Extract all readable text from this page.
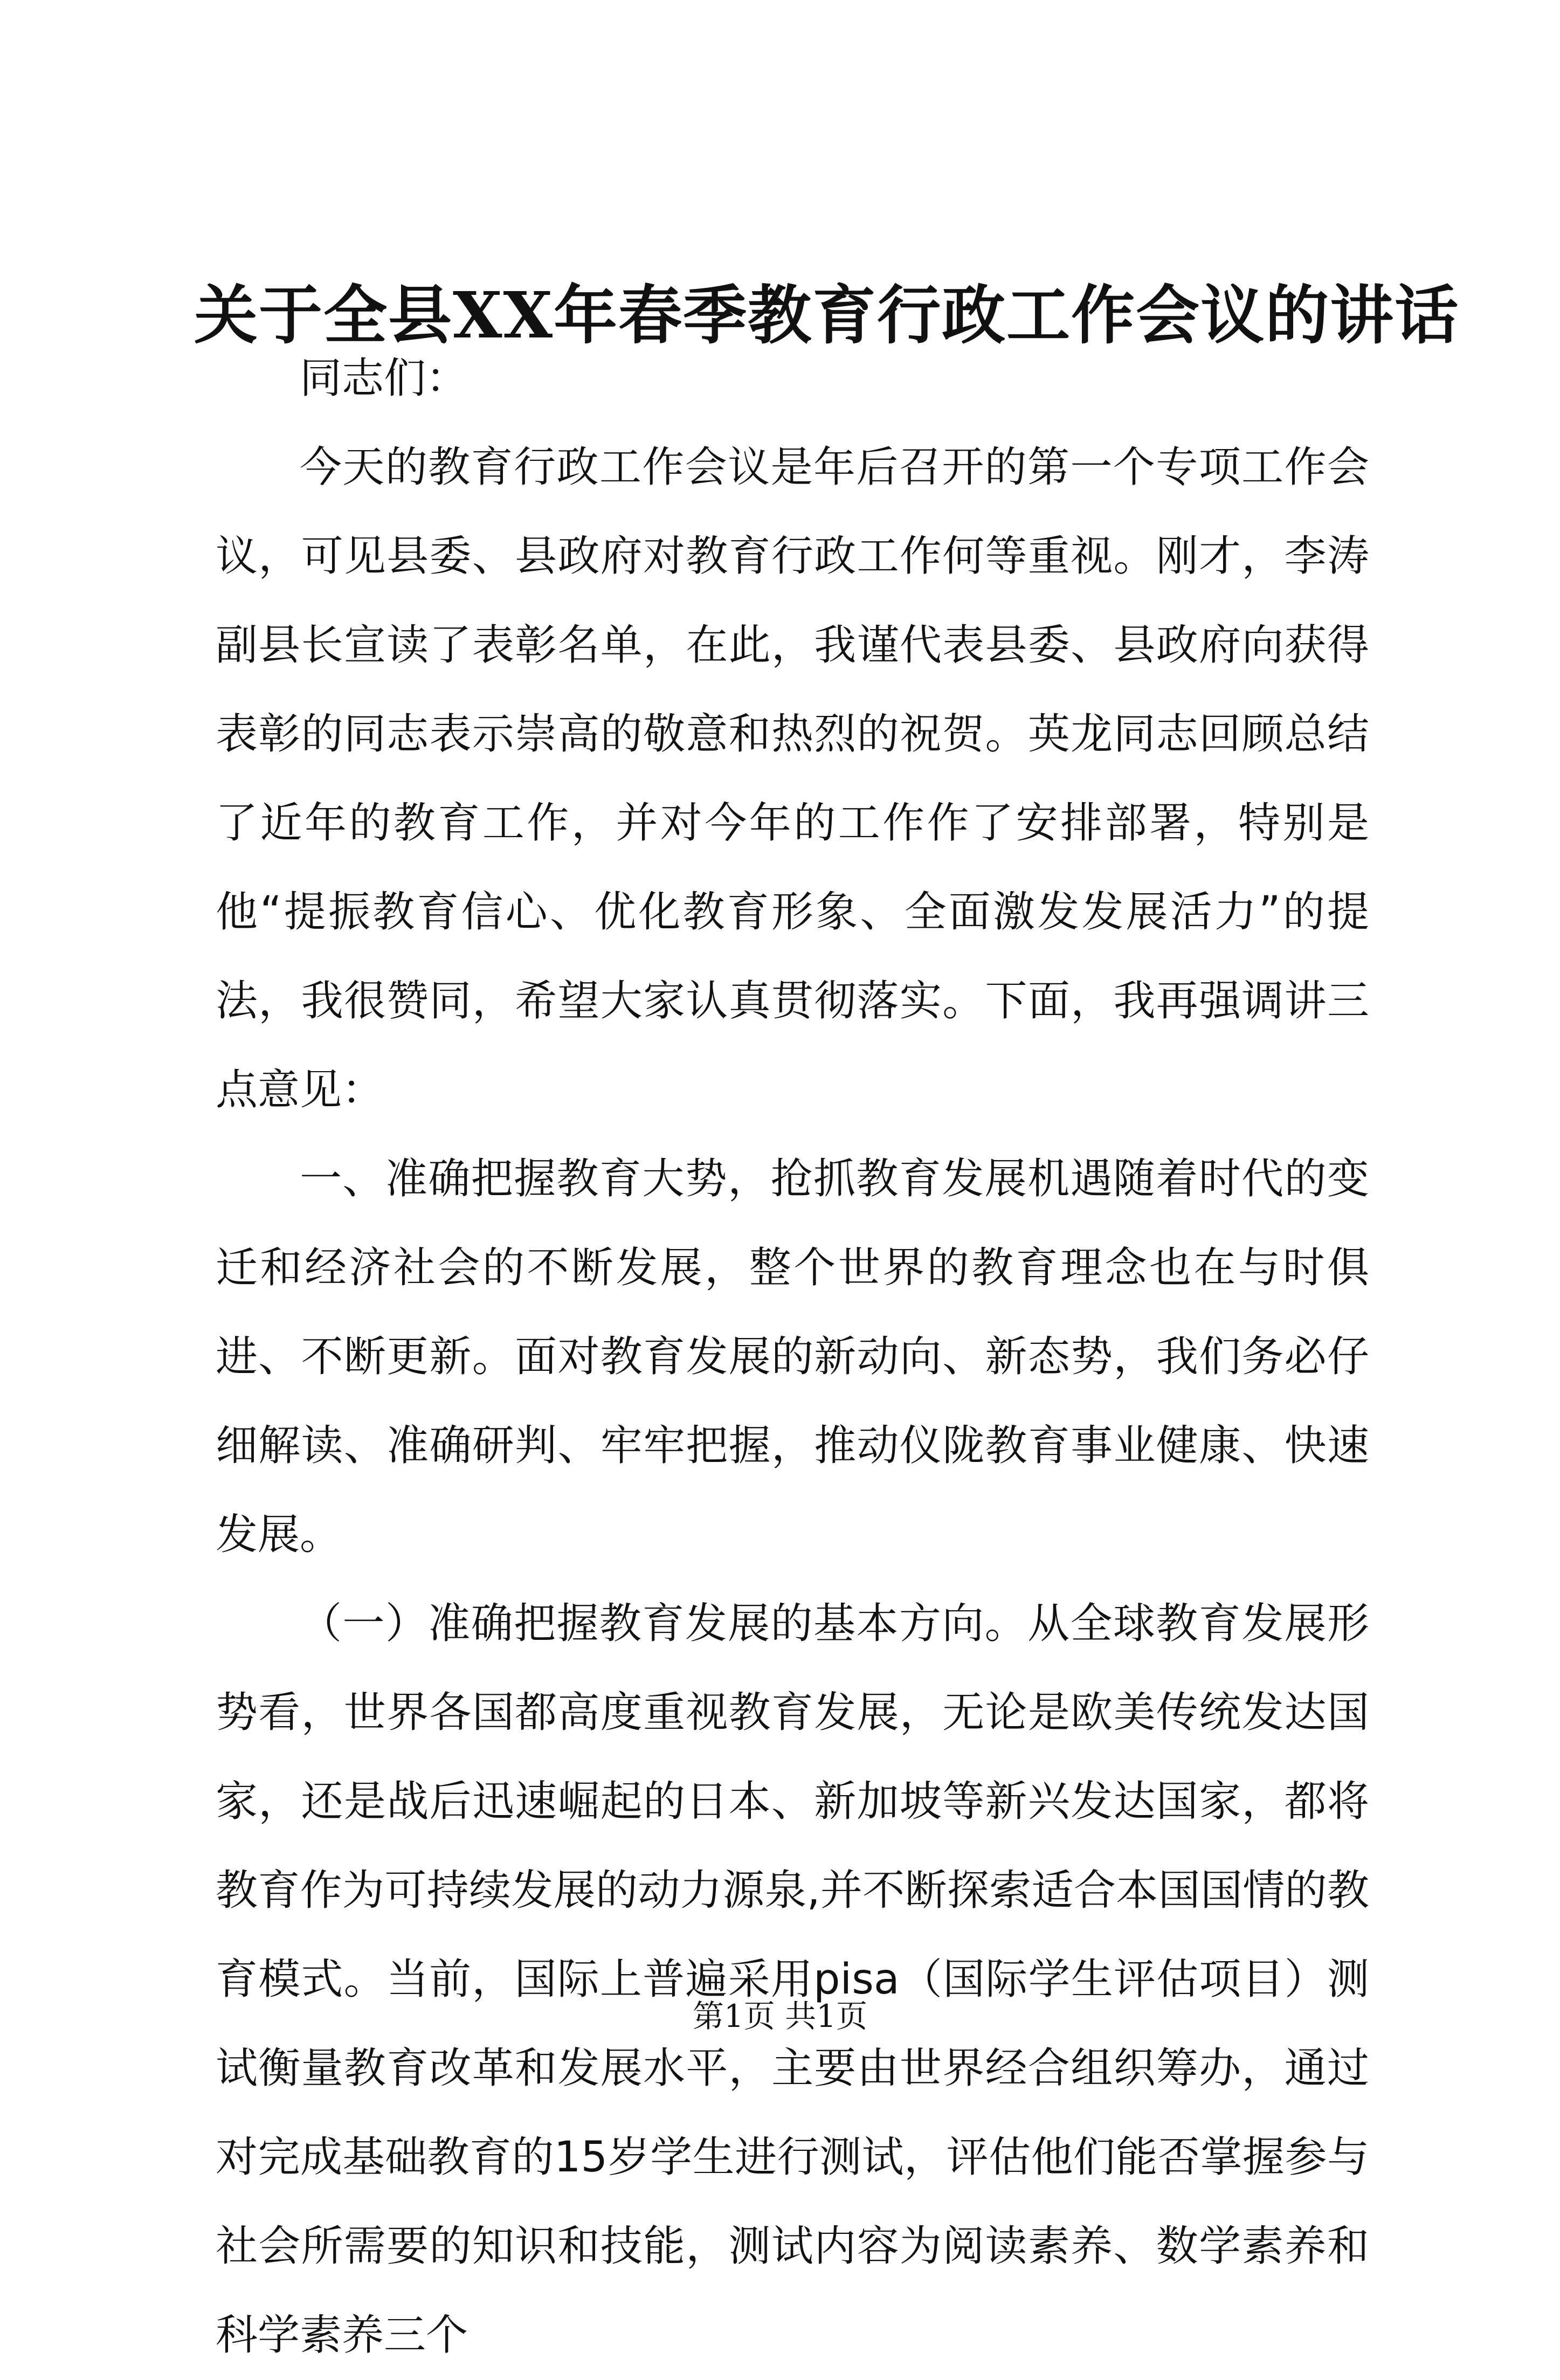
关于全县XX年春季教育行政工作会议的讲话

同志们：

今天的教育行政工作会议是年后召开的第一个专项工作会议，可见县委、县政府对教育行政工作何等重视。刚才，李涛副县长宣读了表彰名单，在此，我谨代表县委、县政府向获得表彰的同志表示崇高的敬意和热烈的祝贺。英龙同志回顾总结了近年的教育工作，并对今年的工作作了安排部署，特别是他“提振教育信心、优化教育形象、全面激发发展活力”的提法，我很赞同，希望大家认真贯彻落实。下面，我再强调讲三点意见：

一、准确把握教育大势，抢抓教育发展机遇随着时代的变迁和经济社会的不断发展，整个世界的教育理念也在与时俱进、不断更新。面对教育发展的新动向、新态势，我们务必仔细解读、准确研判、牢牢把握，推动仪陇教育事业健康、快速发展。

（一）准确把握教育发展的基本方向。从全球教育发展形势看，世界各国都高度重视教育发展，无论是欧美传统发达国家，还是战后迅速崛起的日本、新加坡等新兴发达国家，都将教育作为可持续发展的动力源泉,并不断探索适合本国国情的教育模式。当前，国际上普遍采用pisa（国际学生评估项目）测试衡量教育改革和发展水平，主要由世界经合组织筹办，通过对完成基础教育的15岁学生进行测试，评估他们能否掌握参与社会所需要的知识和技能，测试内容为阅读素养、数学素养和科学素养三个

第1页 共1页
